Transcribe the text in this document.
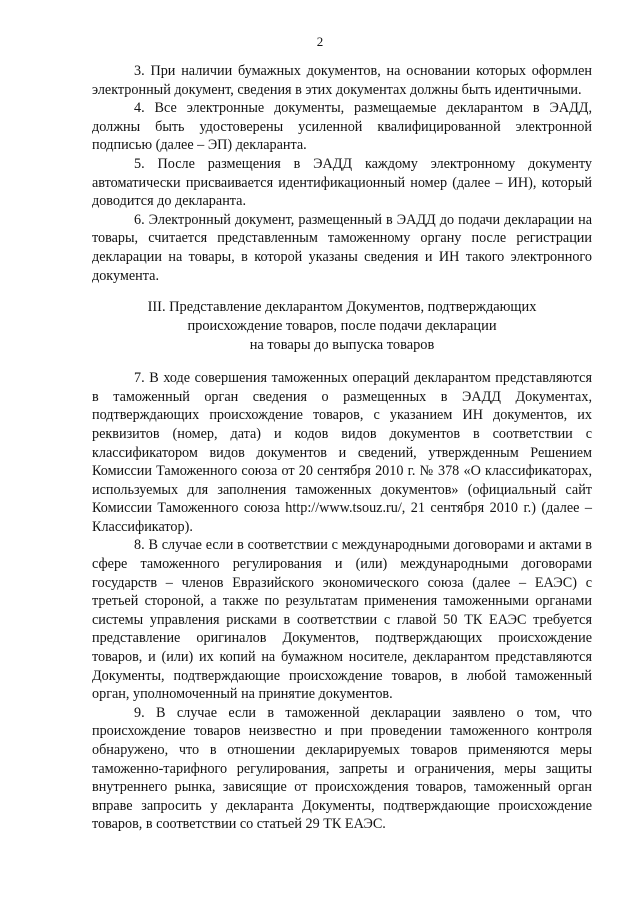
2

3. При наличии бумажных документов, на основании которых оформлен электронный документ, сведения в этих документах должны быть идентичными.

4. Все электронные документы, размещаемые декларантом в ЭАДД, должны быть удостоверены усиленной квалифицированной электронной подписью (далее – ЭП) декларанта.

5. После размещения в ЭАДД каждому электронному документу автоматически присваивается идентификационный номер (далее – ИН), который доводится до декларанта.

6. Электронный документ, размещенный в ЭАДД до подачи декларации на товары, считается представленным таможенному органу после регистрации декларации на товары, в которой указаны сведения и ИН такого электронного документа.

III. Представление декларантом Документов, подтверждающих
происхождение товаров, после подачи декларации
на товары до выпуска товаров

7. В ходе совершения таможенных операций декларантом представляются в таможенный орган сведения о размещенных в ЭАДД Документах, подтверждающих происхождение товаров, с указанием ИН документов, их реквизитов (номер, дата) и кодов видов документов в соответствии с классификатором видов документов и сведений, утвержденным Решением Комиссии Таможенного союза от 20 сентября 2010 г. № 378 «О классификаторах, используемых для заполнения таможенных документов» (официальный сайт Комиссии Таможенного союза http://www.tsouz.ru/, 21 сентября 2010 г.) (далее – Классификатор).

8. В случае если в соответствии с международными договорами и актами в сфере таможенного регулирования и (или) международными договорами государств – членов Евразийского экономического союза (далее – ЕАЭС) с третьей стороной, а также по результатам применения таможенными органами системы управления рисками в соответствии с главой 50 ТК ЕАЭС требуется представление оригиналов Документов, подтверждающих происхождение товаров, и (или) их копий на бумажном носителе, декларантом представляются Документы, подтверждающие происхождение товаров, в любой таможенный орган, уполномоченный на принятие документов.

9. В случае если в таможенной декларации заявлено о том, что происхождение товаров неизвестно и при проведении таможенного контроля обнаружено, что в отношении декларируемых товаров применяются меры таможенно-тарифного регулирования, запреты и ограничения, меры защиты внутреннего рынка, зависящие от происхождения товаров, таможенный орган вправе запросить у декларанта Документы, подтверждающие происхождение товаров, в соответствии со статьей 29 ТК ЕАЭС.
